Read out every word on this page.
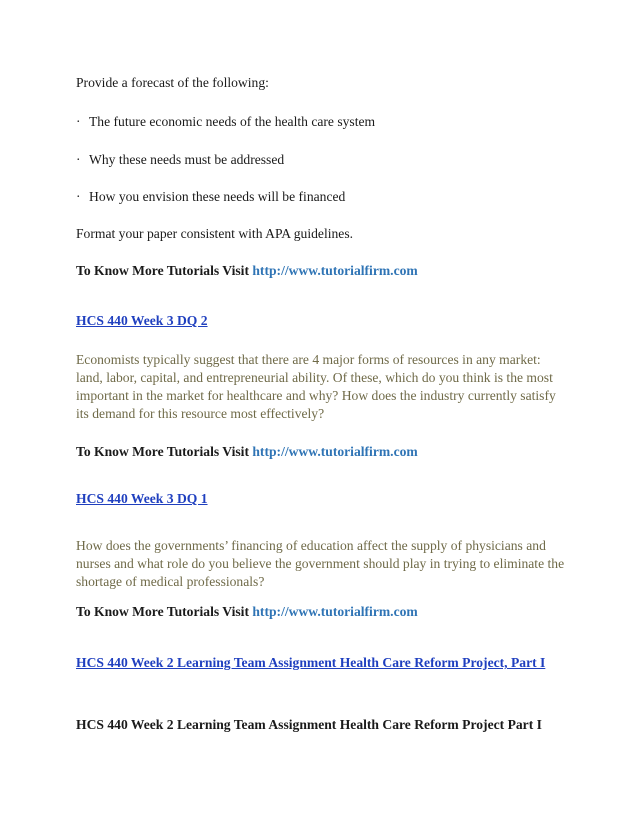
Provide a forecast of the following:
· The future economic needs of the health care system
· Why these needs must be addressed
· How you envision these needs will be financed
Format your paper consistent with APA guidelines.
To Know More Tutorials Visit http://www.tutorialfirm.com
HCS 440 Week 3 DQ 2
Economists typically suggest that there are 4 major forms of resources in any market: land, labor, capital, and entrepreneurial ability. Of these, which do you think is the most important in the market for healthcare and why? How does the industry currently satisfy its demand for this resource most effectively?
To Know More Tutorials Visit http://www.tutorialfirm.com
HCS 440 Week 3 DQ 1
How does the governments’ financing of education affect the supply of physicians and nurses and what role do you believe the government should play in trying to eliminate the shortage of medical professionals?
To Know More Tutorials Visit http://www.tutorialfirm.com
HCS 440 Week 2 Learning Team Assignment Health Care Reform Project, Part I
HCS 440 Week 2 Learning Team Assignment Health Care Reform Project Part I
